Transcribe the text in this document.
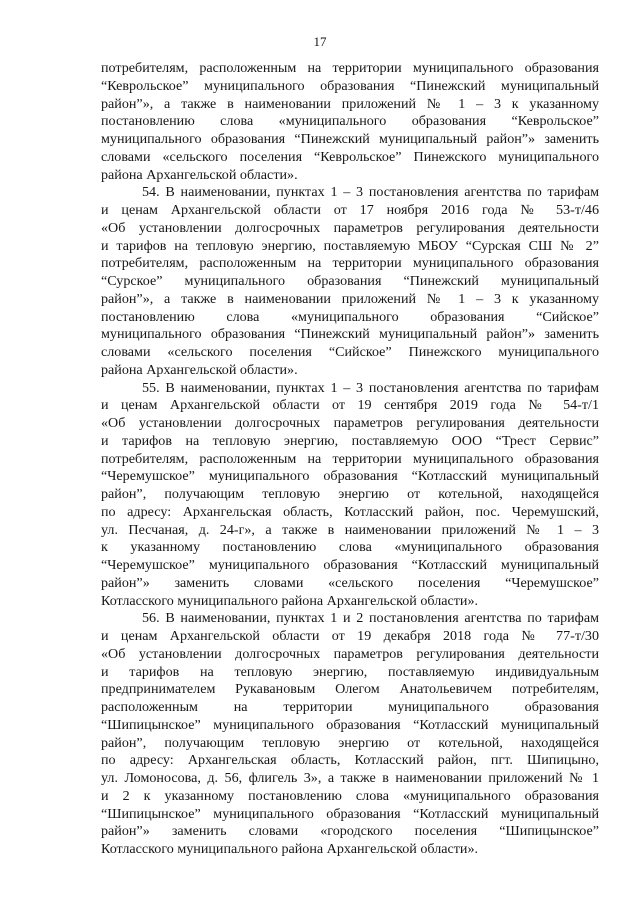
17
потребителям, расположенным на территории муниципального образования
“Кеврольское” муниципального образования “Пинежский муниципальный
район”», а также в наименовании приложений № 1 – 3 к указанному
постановлению слова «муниципального образования “Кеврольское”
муниципального образования “Пинежский муниципальный район”» заменить
словами «сельского поселения “Кеврольское” Пинежского муниципального
района Архангельской области».
54. В наименовании, пунктах 1 – 3 постановления агентства по тарифам
и ценам Архангельской области от 17 ноября 2016 года № 53-т/46
«Об установлении долгосрочных параметров регулирования деятельности
и тарифов на тепловую энергию, поставляемую МБОУ “Сурская СШ № 2”
потребителям, расположенным на территории муниципального образования
“Сурское” муниципального образования “Пинежский муниципальный
район”», а также в наименовании приложений № 1 – 3 к указанному
постановлению слова «муниципального образования “Сийское”
муниципального образования “Пинежский муниципальный район”» заменить
словами «сельского поселения “Сийское” Пинежского муниципального
района Архангельской области».
55. В наименовании, пунктах 1 – 3 постановления агентства по тарифам
и ценам Архангельской области от 19 сентября 2019 года № 54-т/1
«Об установлении долгосрочных параметров регулирования деятельности
и тарифов на тепловую энергию, поставляемую ООО “Трест Сервис”
потребителям, расположенным на территории муниципального образования
“Черемушское” муниципального образования “Котласский муниципальный
район”, получающим тепловую энергию от котельной, находящейся
по адресу: Архангельская область, Котласский район, пос. Черемушский,
ул. Песчаная, д. 24-г», а также в наименовании приложений № 1 – 3
к указанному постановлению слова «муниципального образования
“Черемушское” муниципального образования “Котласский муниципальный
район”» заменить словами «сельского поселения “Черемушское”
Котласского муниципального района Архангельской области».
56. В наименовании, пунктах 1 и 2 постановления агентства по тарифам
и ценам Архангельской области от 19 декабря 2018 года № 77-т/30
«Об установлении долгосрочных параметров регулирования деятельности
и тарифов на тепловую энергию, поставляемую индивидуальным
предпринимателем Рукавановым Олегом Анатольевичем потребителям,
расположенным на территории муниципального образования
“Шипицынское” муниципального образования “Котласский муниципальный
район”, получающим тепловую энергию от котельной, находящейся
по адресу: Архангельская область, Котласский район, пгт. Шипицыно,
ул. Ломоносова, д. 56, флигель 3», а также в наименовании приложений № 1
и 2 к указанному постановлению слова «муниципального образования
“Шипицынское” муниципального образования “Котласский муниципальный
район”» заменить словами «городского поселения “Шипицынское”
Котласского муниципального района Архангельской области».
